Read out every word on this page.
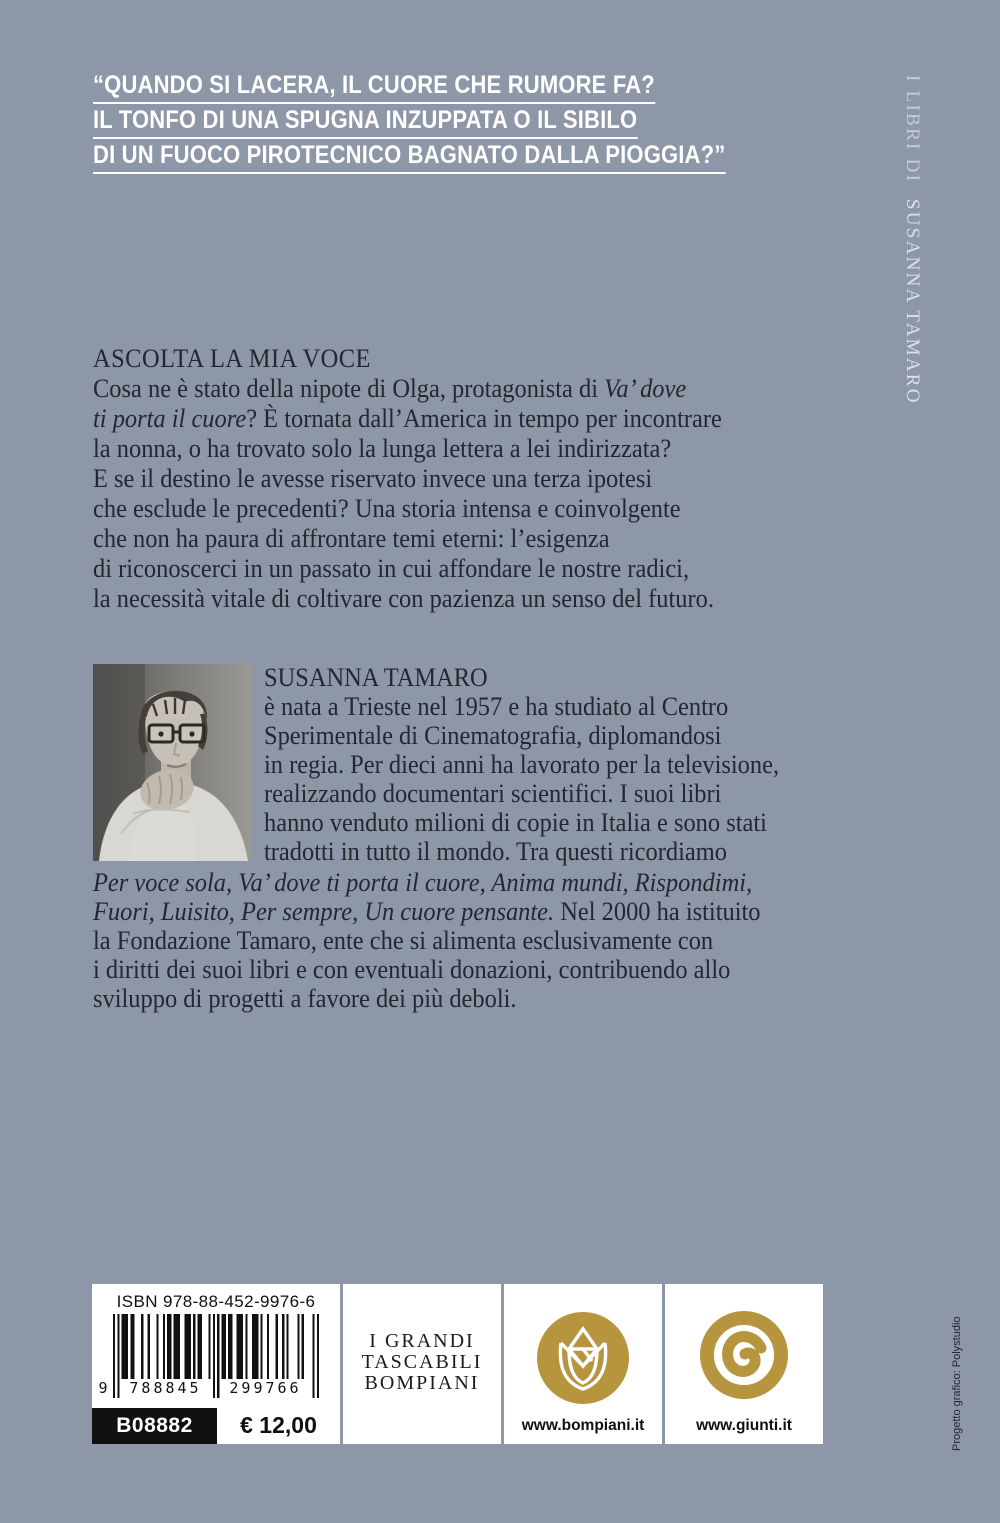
“QUANDO SI LACERA, IL CUORE CHE RUMORE FA?
IL TONFO DI UNA SPUGNA INZUPPATA O IL SIBILO
DI UN FUOCO PIROTECNICO BAGNATO DALLA PIOGGIA?”	I LIBRI DI SUSANNA TAMARO
ASCOLTA LA MIA VOCE
Cosa ne è stato della nipote di Olga, protagonista di Va’ dove
ti porta il cuore? È tornata dall’America in tempo per incontrare
la nonna, o ha trovato solo la lunga lettera a lei indirizzata?
E se il destino le avesse riservato invece una terza ipotesi
che esclude le precedenti? Una storia intensa e coinvolgente
che non ha paura di affrontare temi eterni: l’esigenza
di riconoscerci in un passato in cui affondare le nostre radici,
la necessità vitale di coltivare con pazienza un senso del futuro.
SUSANNA TAMARO
è nata a Trieste nel 1957 e ha studiato al Centro
Sperimentale di Cinematografia, diplomandosi
in regia. Per dieci anni ha lavorato per la televisione,
realizzando documentari scientifici. I suoi libri
hanno venduto milioni di copie in Italia e sono stati
tradotti in tutto il mondo. Tra questi ricordiamo
Per voce sola, Va’ dove ti porta il cuore, Anima mundi, Rispondimi,
Fuori, Luisito, Per sempre, Un cuore pensante. Nel 2000 ha istituito
la Fondazione Tamaro, ente che si alimenta esclusivamente con
i diritti dei suoi libri e con eventuali donazioni, contribuendo allo
sviluppo di progetti a favore dei più deboli.
ISBN 978-88-452-9976-6
9	788845	299766
B08882	€ 12,00
I GRANDI
TASCABILI
BOMPIANI
www.bompiani.it	www.giunti.it	Progetto grafico: Polystudio
